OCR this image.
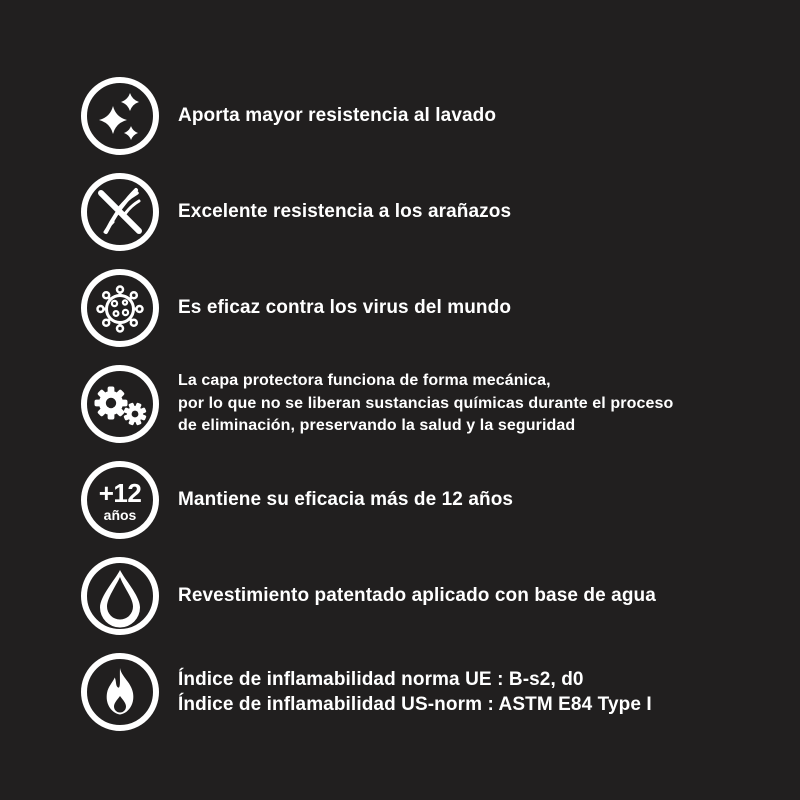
Aporta mayor resistencia al lavado
Excelente resistencia a los arañazos
Es eficaz contra los virus del mundo
La capa protectora funciona de forma mecánica,
por lo que no se liberan sustancias químicas durante el proceso
de eliminación, preservando la salud y la seguridad
+12
años
Mantiene su eficacia más de 12 años
Revestimiento patentado aplicado con base de agua
Índice de inflamabilidad norma UE : B-s2, d0
Índice de inflamabilidad US-norm : ASTM E84 Type I
